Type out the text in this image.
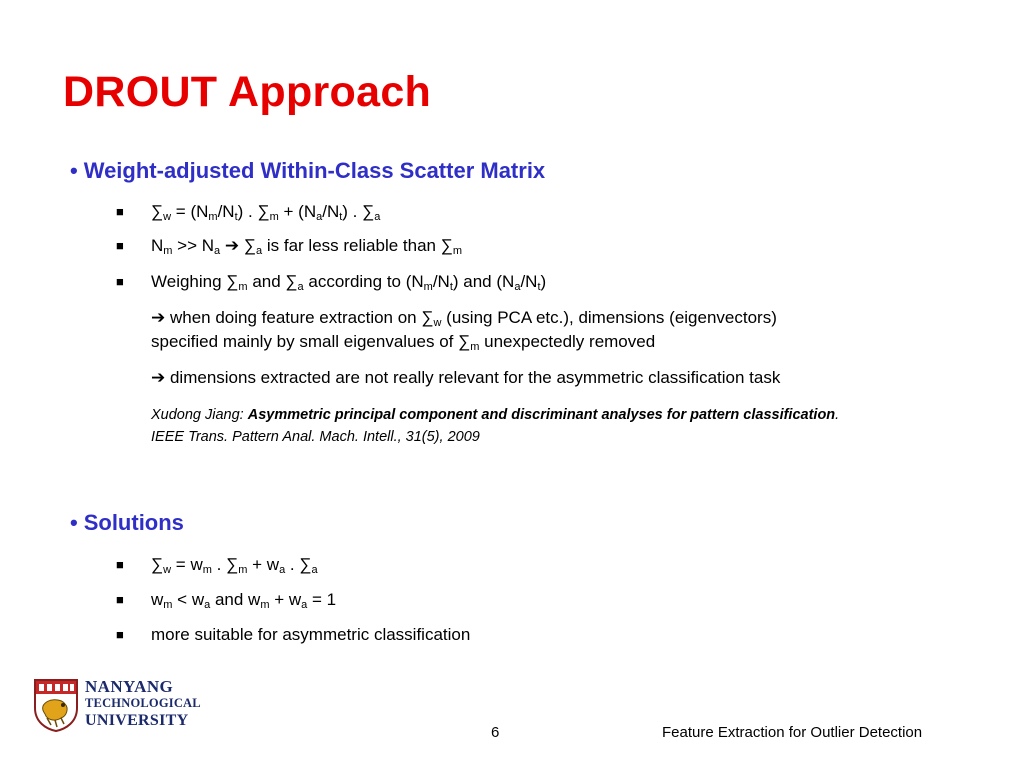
DROUT Approach
• Weight-adjusted Within-Class Scatter Matrix
■ $\sum_w = (N_m/N_t)$ . $\sum_m + (N_a/N_t)$ . $\sum_a$
■ $N_m >> N_a$ ➔ $\sum_a$ is far less reliable than $\sum_m$
■ Weighing $\sum_m$ and $\sum_a$ according to $(N_m/N_t)$ and $(N_a/N_t)$
➔ when doing feature extraction on $\sum_w$ (using PCA etc.), dimensions (eigenvectors)
specified mainly by small eigenvalues of $\sum_m$ unexpectedly removed
➔ dimensions extracted are not really relevant for the asymmetric classification task
Xudong Jiang: Asymmetric principal component and discriminant analyses for pattern classification. IEEE Trans. Pattern Anal. Mach. Intell., 31(5), 2009
• Solutions
■ $\sum_w = w_m$ . $\sum_m + w_a$ . $\sum_a$
■ $w_m < w_a$ and $w_m + w_a = 1$
■ more suitable for asymmetric classification
NANYANG
TECHNOLOGICAL
UNIVERSITY
6	Feature Extraction for Outlier Detection
